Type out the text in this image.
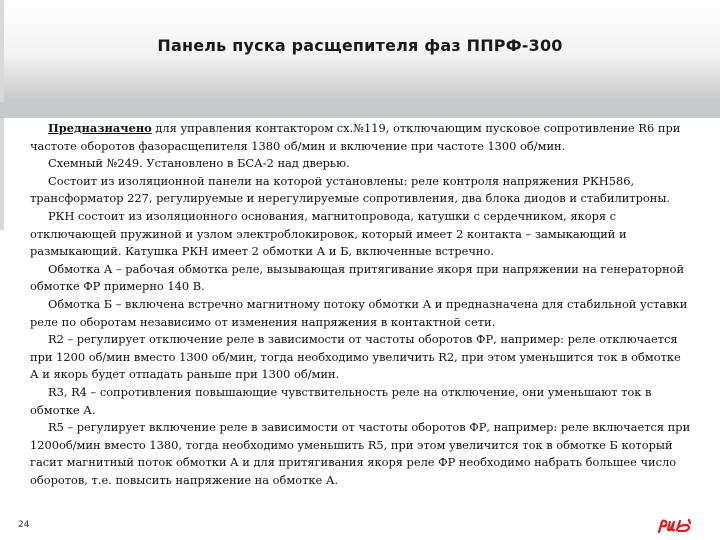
Панель пуска расщепителя фаз ППРФ-300

Предназначено для управления контактором сх.№119, отключающим пусковое сопротивление R6 при частоте оборотов фазорасщепителя 1380 об/мин и включение при частоте 1300 об/мин.

Схемный №249. Установлено в БСА-2 над дверью.

Состоит из изоляционной панели на которой установлены: реле контроля напряжения РКН586, трансформатор 227, регулируемые и нерегулируемые сопротивления, два блока диодов и стабилитроны.

РКН состоит из изоляционного основания, магнитопровода, катушки с сердечником, якоря с отключающей пружиной и узлом электроблокировок, который имеет 2 контакта – замыкающий и размыкающий. Катушка РКН имеет 2 обмотки А и Б, включенные встречно.

Обмотка А – рабочая обмотка реле, вызывающая притягивание якоря при напряжении на генераторной обмотке ФР примерно 140 В.

Обмотка Б – включена встречно магнитному потоку обмотки А и предназначена для стабильной уставки реле по оборотам независимо от изменения напряжения в контактной сети.

R2 – регулирует отключение реле в зависимости от частоты оборотов ФР, например: реле отключается при 1200 об/мин вместо 1300 об/мин, тогда необходимо увеличить R2, при этом уменьшится ток в обмотке А и якорь будет отпадать раньше при 1300 об/мин.

R3, R4 – сопротивления повышающие чувствительность реле на отключение, они уменьшают ток в обмотке А.

R5 – регулирует включение реле в зависимости от частоты оборотов ФР, например: реле включается при 1200об/мин вместо 1380, тогда необходимо уменьшить R5, при этом увеличится ток в обмотке Б который гасит магнитный поток обмотки А и для притягивания якоря реле ФР необходимо набрать большее число оборотов, т.е. повысить напряжение на обмотке А.

24
